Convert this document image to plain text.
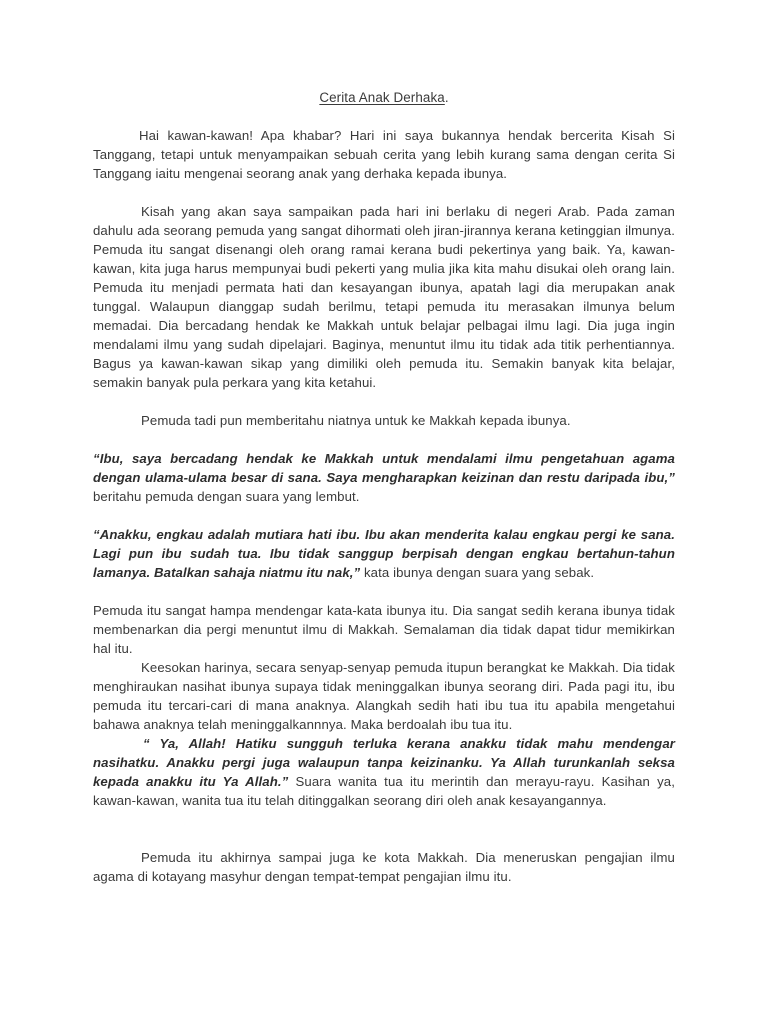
Cerita Anak Derhaka.

Hai kawan-kawan! Apa khabar? Hari ini saya bukannya hendak bercerita Kisah Si Tanggang, tetapi untuk menyampaikan sebuah cerita yang lebih kurang sama dengan cerita Si Tanggang iaitu mengenai seorang anak yang derhaka kepada ibunya.

Kisah yang akan saya sampaikan pada hari ini berlaku di negeri Arab. Pada zaman dahulu ada seorang pemuda yang sangat dihormati oleh jiran-jirannya kerana ketinggian ilmunya. Pemuda itu sangat disenangi oleh orang ramai kerana budi pekertinya yang baik. Ya, kawan-kawan, kita juga harus mempunyai budi pekerti yang mulia jika kita mahu disukai oleh orang lain. Pemuda itu menjadi permata hati dan kesayangan ibunya, apatah lagi dia merupakan anak tunggal. Walaupun dianggap sudah berilmu, tetapi pemuda itu merasakan ilmunya belum memadai. Dia bercadang hendak ke Makkah untuk belajar pelbagai ilmu lagi. Dia juga ingin mendalami ilmu yang sudah dipelajari. Baginya, menuntut ilmu itu tidak ada titik perhentiannya. Bagus ya kawan-kawan sikap yang dimiliki oleh pemuda itu. Semakin banyak kita belajar, semakin banyak pula perkara yang kita ketahui.

Pemuda tadi pun memberitahu niatnya untuk ke Makkah kepada ibunya.

“Ibu, saya bercadang hendak ke Makkah untuk mendalami ilmu pengetahuan agama dengan ulama-ulama besar di sana. Saya mengharapkan keizinan dan restu daripada ibu,” beritahu pemuda dengan suara yang lembut.

“Anakku, engkau adalah mutiara hati ibu. Ibu akan menderita kalau engkau pergi ke sana. Lagi pun ibu sudah tua. Ibu tidak sanggup berpisah dengan engkau bertahun-tahun lamanya. Batalkan sahaja niatmu itu nak,” kata ibunya dengan suara yang sebak.

Pemuda itu sangat hampa mendengar kata-kata ibunya itu. Dia sangat sedih kerana ibunya tidak membenarkan dia pergi menuntut ilmu di Makkah. Semalaman dia tidak dapat tidur memikirkan hal itu.

Keesokan harinya, secara senyap-senyap pemuda itupun berangkat ke Makkah. Dia tidak menghiraukan nasihat ibunya supaya tidak meninggalkan ibunya seorang diri. Pada pagi itu, ibu pemuda itu tercari-cari di mana anaknya. Alangkah sedih hati ibu tua itu apabila mengetahui bahawa anaknya telah meninggalkannnya. Maka berdoalah ibu tua itu.

“ Ya, Allah! Hatiku sungguh terluka kerana anakku tidak mahu mendengar nasihatku. Anakku pergi juga walaupun tanpa keizinanku. Ya Allah turunkanlah seksa kepada anakku itu Ya Allah.” Suara wanita tua itu merintih dan merayu-rayu. Kasihan ya, kawan-kawan, wanita tua itu telah ditinggalkan seorang diri oleh anak kesayangannya.

Pemuda itu akhirnya sampai juga ke kota Makkah. Dia meneruskan pengajian ilmu agama di kotayang masyhur dengan tempat-tempat pengajian ilmu itu.
